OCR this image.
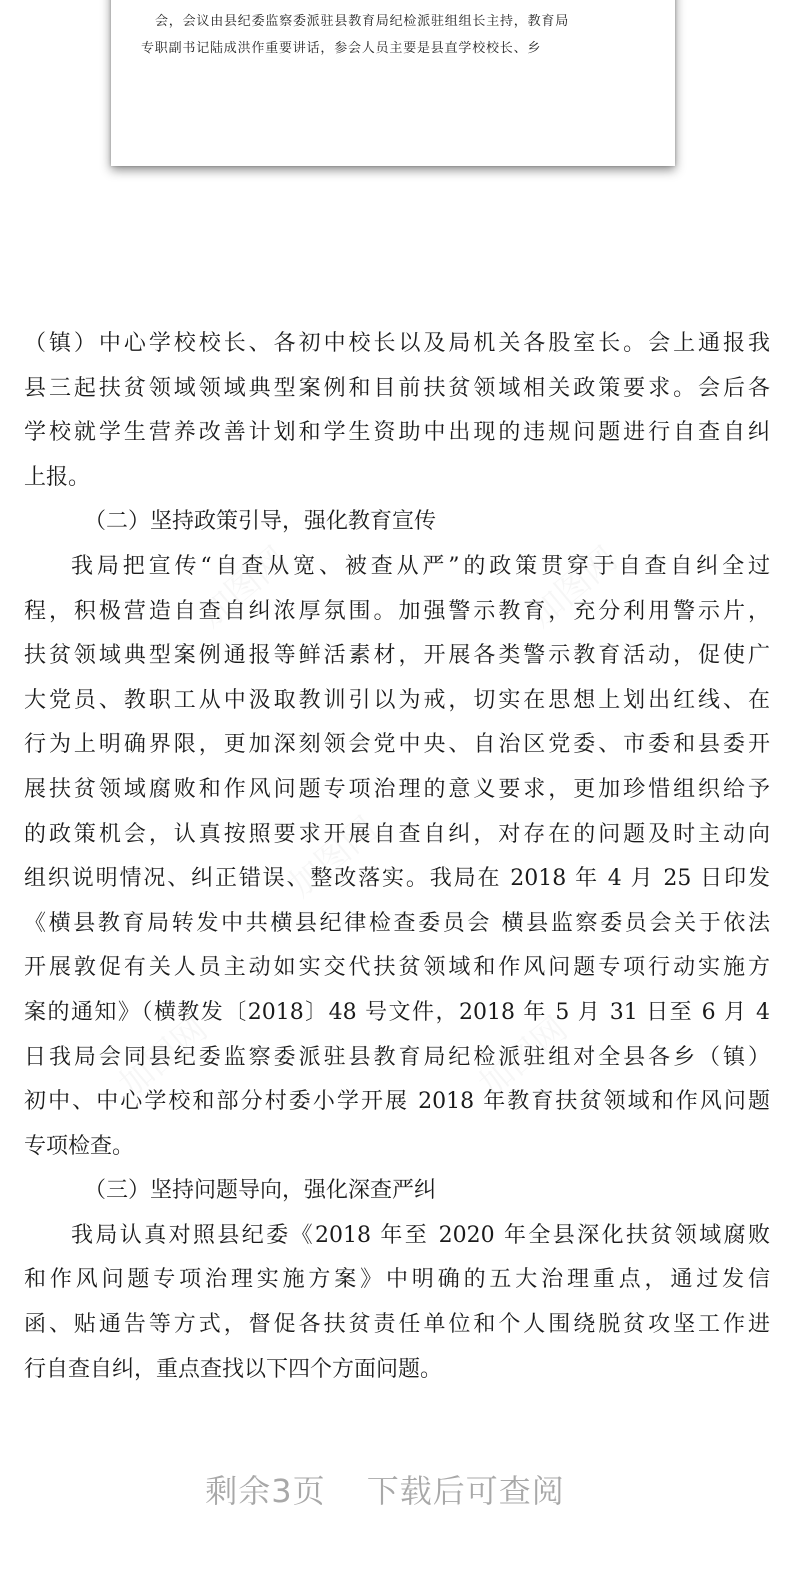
会，会议由县纪委监察委派驻县教育局纪检派驻组组长主持，教育局
专职副书记陆成洪作重要讲话，参会人员主要是县直学校校长、乡
（镇）中心学校校长、各初中校长以及局机关各股室长。会上通报我
县三起扶贫领域领域典型案例和目前扶贫领域相关政策要求。会后各
学校就学生营养改善计划和学生资助中出现的违规问题进行自查自纠
上报。
（二）坚持政策引导，强化教育宣传
我局把宣传“自查从宽、被查从严”的政策贯穿于自查自纠全过
程，积极营造自查自纠浓厚氛围。加强警示教育，充分利用警示片，
扶贫领域典型案例通报等鲜活素材，开展各类警示教育活动，促使广
大党员、教职工从中汲取教训引以为戒，切实在思想上划出红线、在
行为上明确界限，更加深刻领会党中央、自治区党委、市委和县委开
展扶贫领域腐败和作风问题专项治理的意义要求，更加珍惜组织给予
的政策机会，认真按照要求开展自查自纠，对存在的问题及时主动向
组织说明情况、纠正错误、整改落实。我局在 2018 年 4 月 25 日印发
《横县教育局转发中共横县纪律检查委员会 横县监察委员会关于依法
开展敦促有关人员主动如实交代扶贫领域和作风问题专项行动实施方
案的通知》（横教发〔2018〕48 号文件，2018 年 5 月 31 日至 6 月 4
日我局会同县纪委监察委派驻县教育局纪检派驻组对全县各乡（镇）
初中、中心学校和部分村委小学开展 2018 年教育扶贫领域和作风问题
专项检查。
（三）坚持问题导向，强化深查严纠
我局认真对照县纪委《2018 年至 2020 年全县深化扶贫领域腐败
和作风问题专项治理实施方案》中明确的五大治理重点，通过发信
函、贴通告等方式，督促各扶贫责任单位和个人围绕脱贫攻坚工作进
行自查自纠，重点查找以下四个方面问题。
剩余3页 下载后可查阅
